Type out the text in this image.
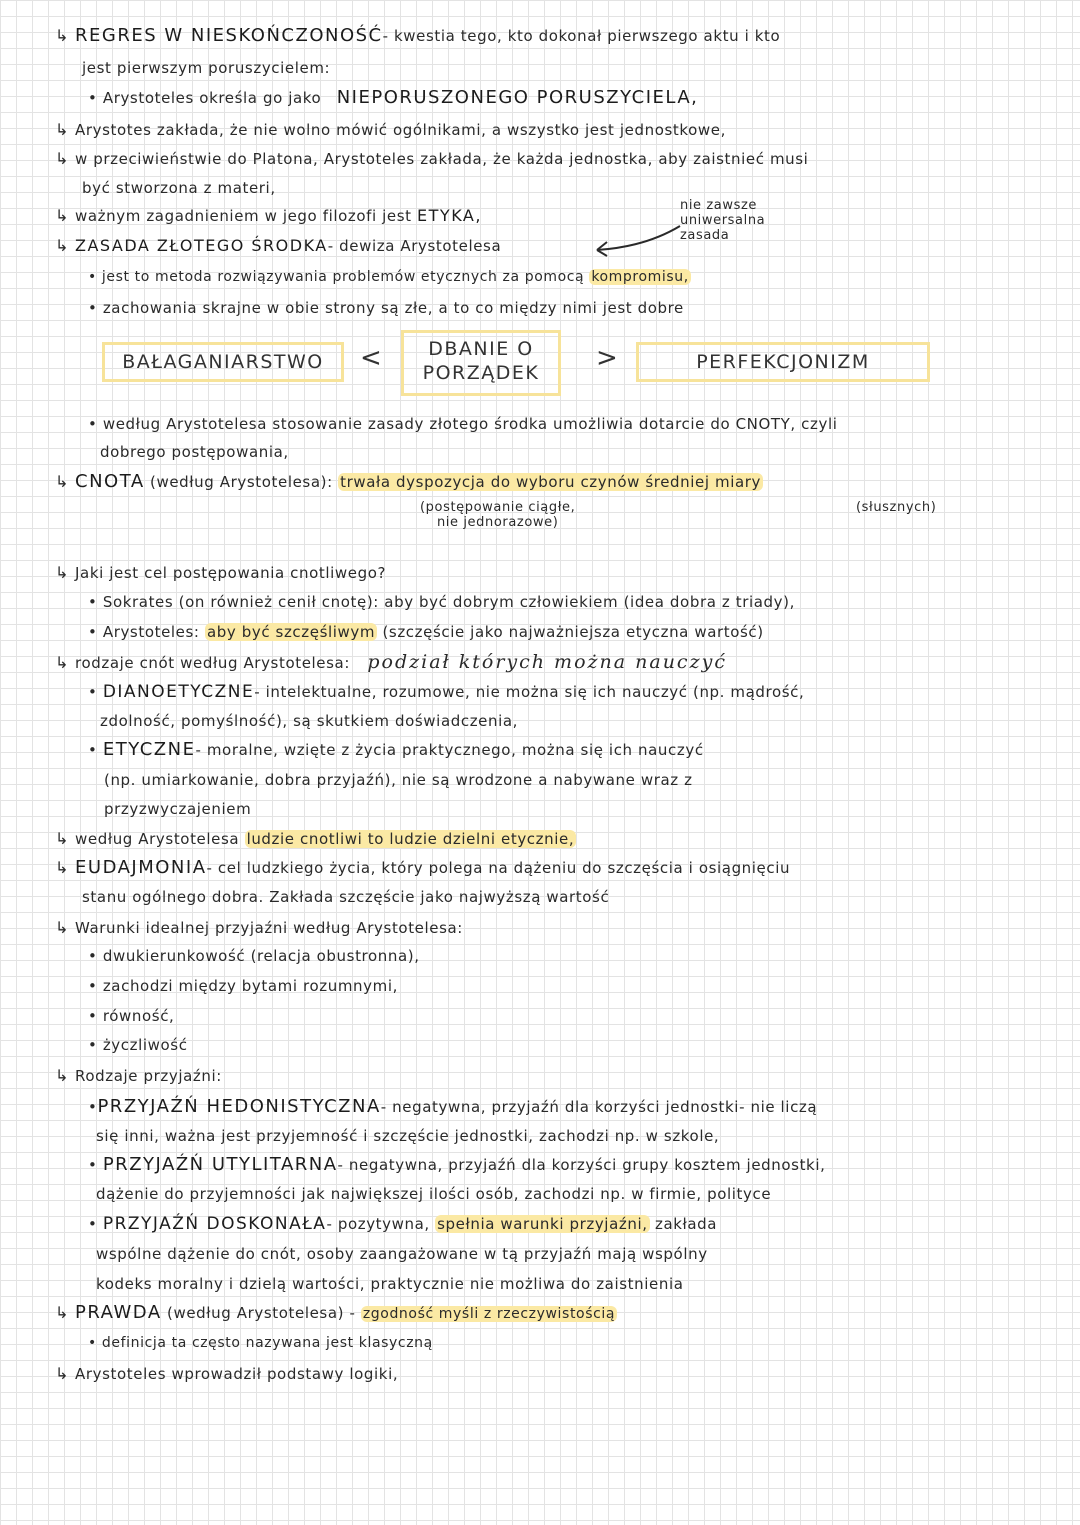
↳ REGRES W NIESKOŃCZONOŚĆ- kwestia tego, kto dokonał pierwszego aktu i kto
jest pierwszym poruszycielem:
• Arystoteles określa go jako NIEPORUSZONEGO PORUSZYCIELA,
↳ Arystotes zakłada, że nie wolno mówić ogólnikami, a wszystko jest jednostkowe,
↳ w przeciwieństwie do Platona, Arystoteles zakłada, że każda jednostka, aby zaistnieć musi
być stworzona z materi,
↳ ważnym zagadnieniem w jego filozofi jest ETYKA,
nie zawsze
uniwersalna
zasada
↳ ZASADA ZŁOTEGO ŚRODKA- dewiza Arystotelesa
• jest to metoda rozwiązywania problemów etycznych za pomocą kompromisu,
• zachowania skrajne w obie strony są złe, a to co między nimi jest dobre
BAŁAGANIARSTWO	<	DBANIE O
PORZĄDEK	>	PERFEKCJONIZM
• według Arystotelesa stosowanie zasady złotego środka umożliwia dotarcie do CNOTY, czyli
dobrego postępowania,
↳ CNOTA (według Arystotelesa): trwała dyspozycja do wyboru czynów średniej miary
(postępowanie ciągłe,
nie jednorazowe)
(słusznych)
↳ Jaki jest cel postępowania cnotliwego?
• Sokrates (on również cenił cnotę): aby być dobrym człowiekiem (idea dobra z triady),
• Arystoteles: aby być szczęśliwym (szczęście jako najważniejsza etyczna wartość)
↳ rodzaje cnót według Arystotelesa: podział których można nauczyć
• DIANOETYCZNE- intelektualne, rozumowe, nie można się ich nauczyć (np. mądrość,
zdolność, pomyślność), są skutkiem doświadczenia,
• ETYCZNE- moralne, wzięte z życia praktycznego, można się ich nauczyć
(np. umiarkowanie, dobra przyjaźń), nie są wrodzone a nabywane wraz z
przyzwyczajeniem
↳ według Arystotelesa ludzie cnotliwi to ludzie dzielni etycznie,
↳ EUDAJMONIA- cel ludzkiego życia, który polega na dążeniu do szczęścia i osiągnięciu
stanu ogólnego dobra. Zakłada szczęście jako najwyższą wartość
↳ Warunki idealnej przyjaźni według Arystotelesa:
• dwukierunkowość (relacja obustronna),
• zachodzi między bytami rozumnymi,
• równość,
• życzliwość
↳ Rodzaje przyjaźni:
•PRZYJAŹŃ HEDONISTYCZNA- negatywna, przyjaźń dla korzyści jednostki- nie liczą
się inni, ważna jest przyjemność i szczęście jednostki, zachodzi np. w szkole,
• PRZYJAŹŃ UTYLITARNA- negatywna, przyjaźń dla korzyści grupy kosztem jednostki,
dążenie do przyjemności jak największej ilości osób, zachodzi np. w firmie, polityce
• PRZYJAŹŃ DOSKONAŁA- pozytywna, spełnia warunki przyjaźni, zakłada
wspólne dążenie do cnót, osoby zaangażowane w tą przyjaźń mają wspólny
kodeks moralny i dzielą wartości, praktycznie nie możliwa do zaistnienia
↳ PRAWDA (według Arystotelesa) - zgodność myśli z rzeczywistością
• definicja ta często nazywana jest klasyczną
↳ Arystoteles wprowadził podstawy logiki,
